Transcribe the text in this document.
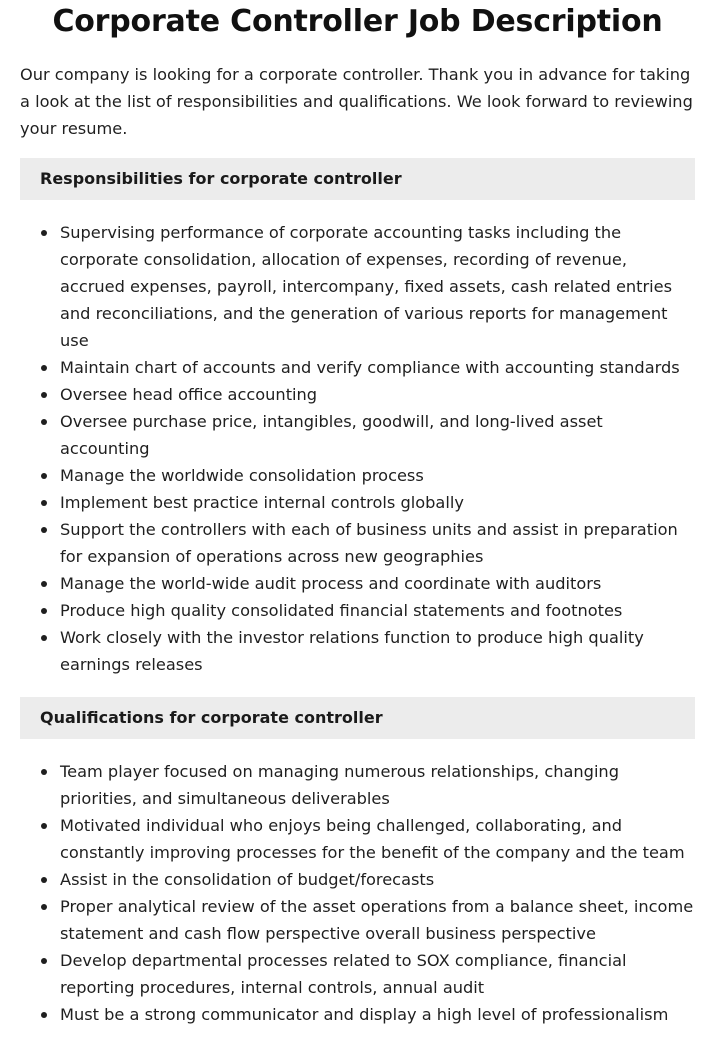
Corporate Controller Job Description

Our company is looking for a corporate controller. Thank you in advance for taking a look at the list of responsibilities and qualifications. We look forward to reviewing your resume.

Responsibilities for corporate controller
Supervising performance of corporate accounting tasks including the corporate consolidation, allocation of expenses, recording of revenue, accrued expenses, payroll, intercompany, fixed assets, cash related entries and reconciliations, and the generation of various reports for management use
Maintain chart of accounts and verify compliance with accounting standards
Oversee head office accounting
Oversee purchase price, intangibles, goodwill, and long-lived asset accounting
Manage the worldwide consolidation process
Implement best practice internal controls globally
Support the controllers with each of business units and assist in preparation for expansion of operations across new geographies
Manage the world-wide audit process and coordinate with auditors
Produce high quality consolidated financial statements and footnotes
Work closely with the investor relations function to produce high quality earnings releases
Qualifications for corporate controller
Team player focused on managing numerous relationships, changing priorities, and simultaneous deliverables
Motivated individual who enjoys being challenged, collaborating, and constantly improving processes for the benefit of the company and the team
Assist in the consolidation of budget/forecasts
Proper analytical review of the asset operations from a balance sheet, income statement and cash flow perspective overall business perspective
Develop departmental processes related to SOX compliance, financial reporting procedures, internal controls, annual audit
Must be a strong communicator and display a high level of professionalism
